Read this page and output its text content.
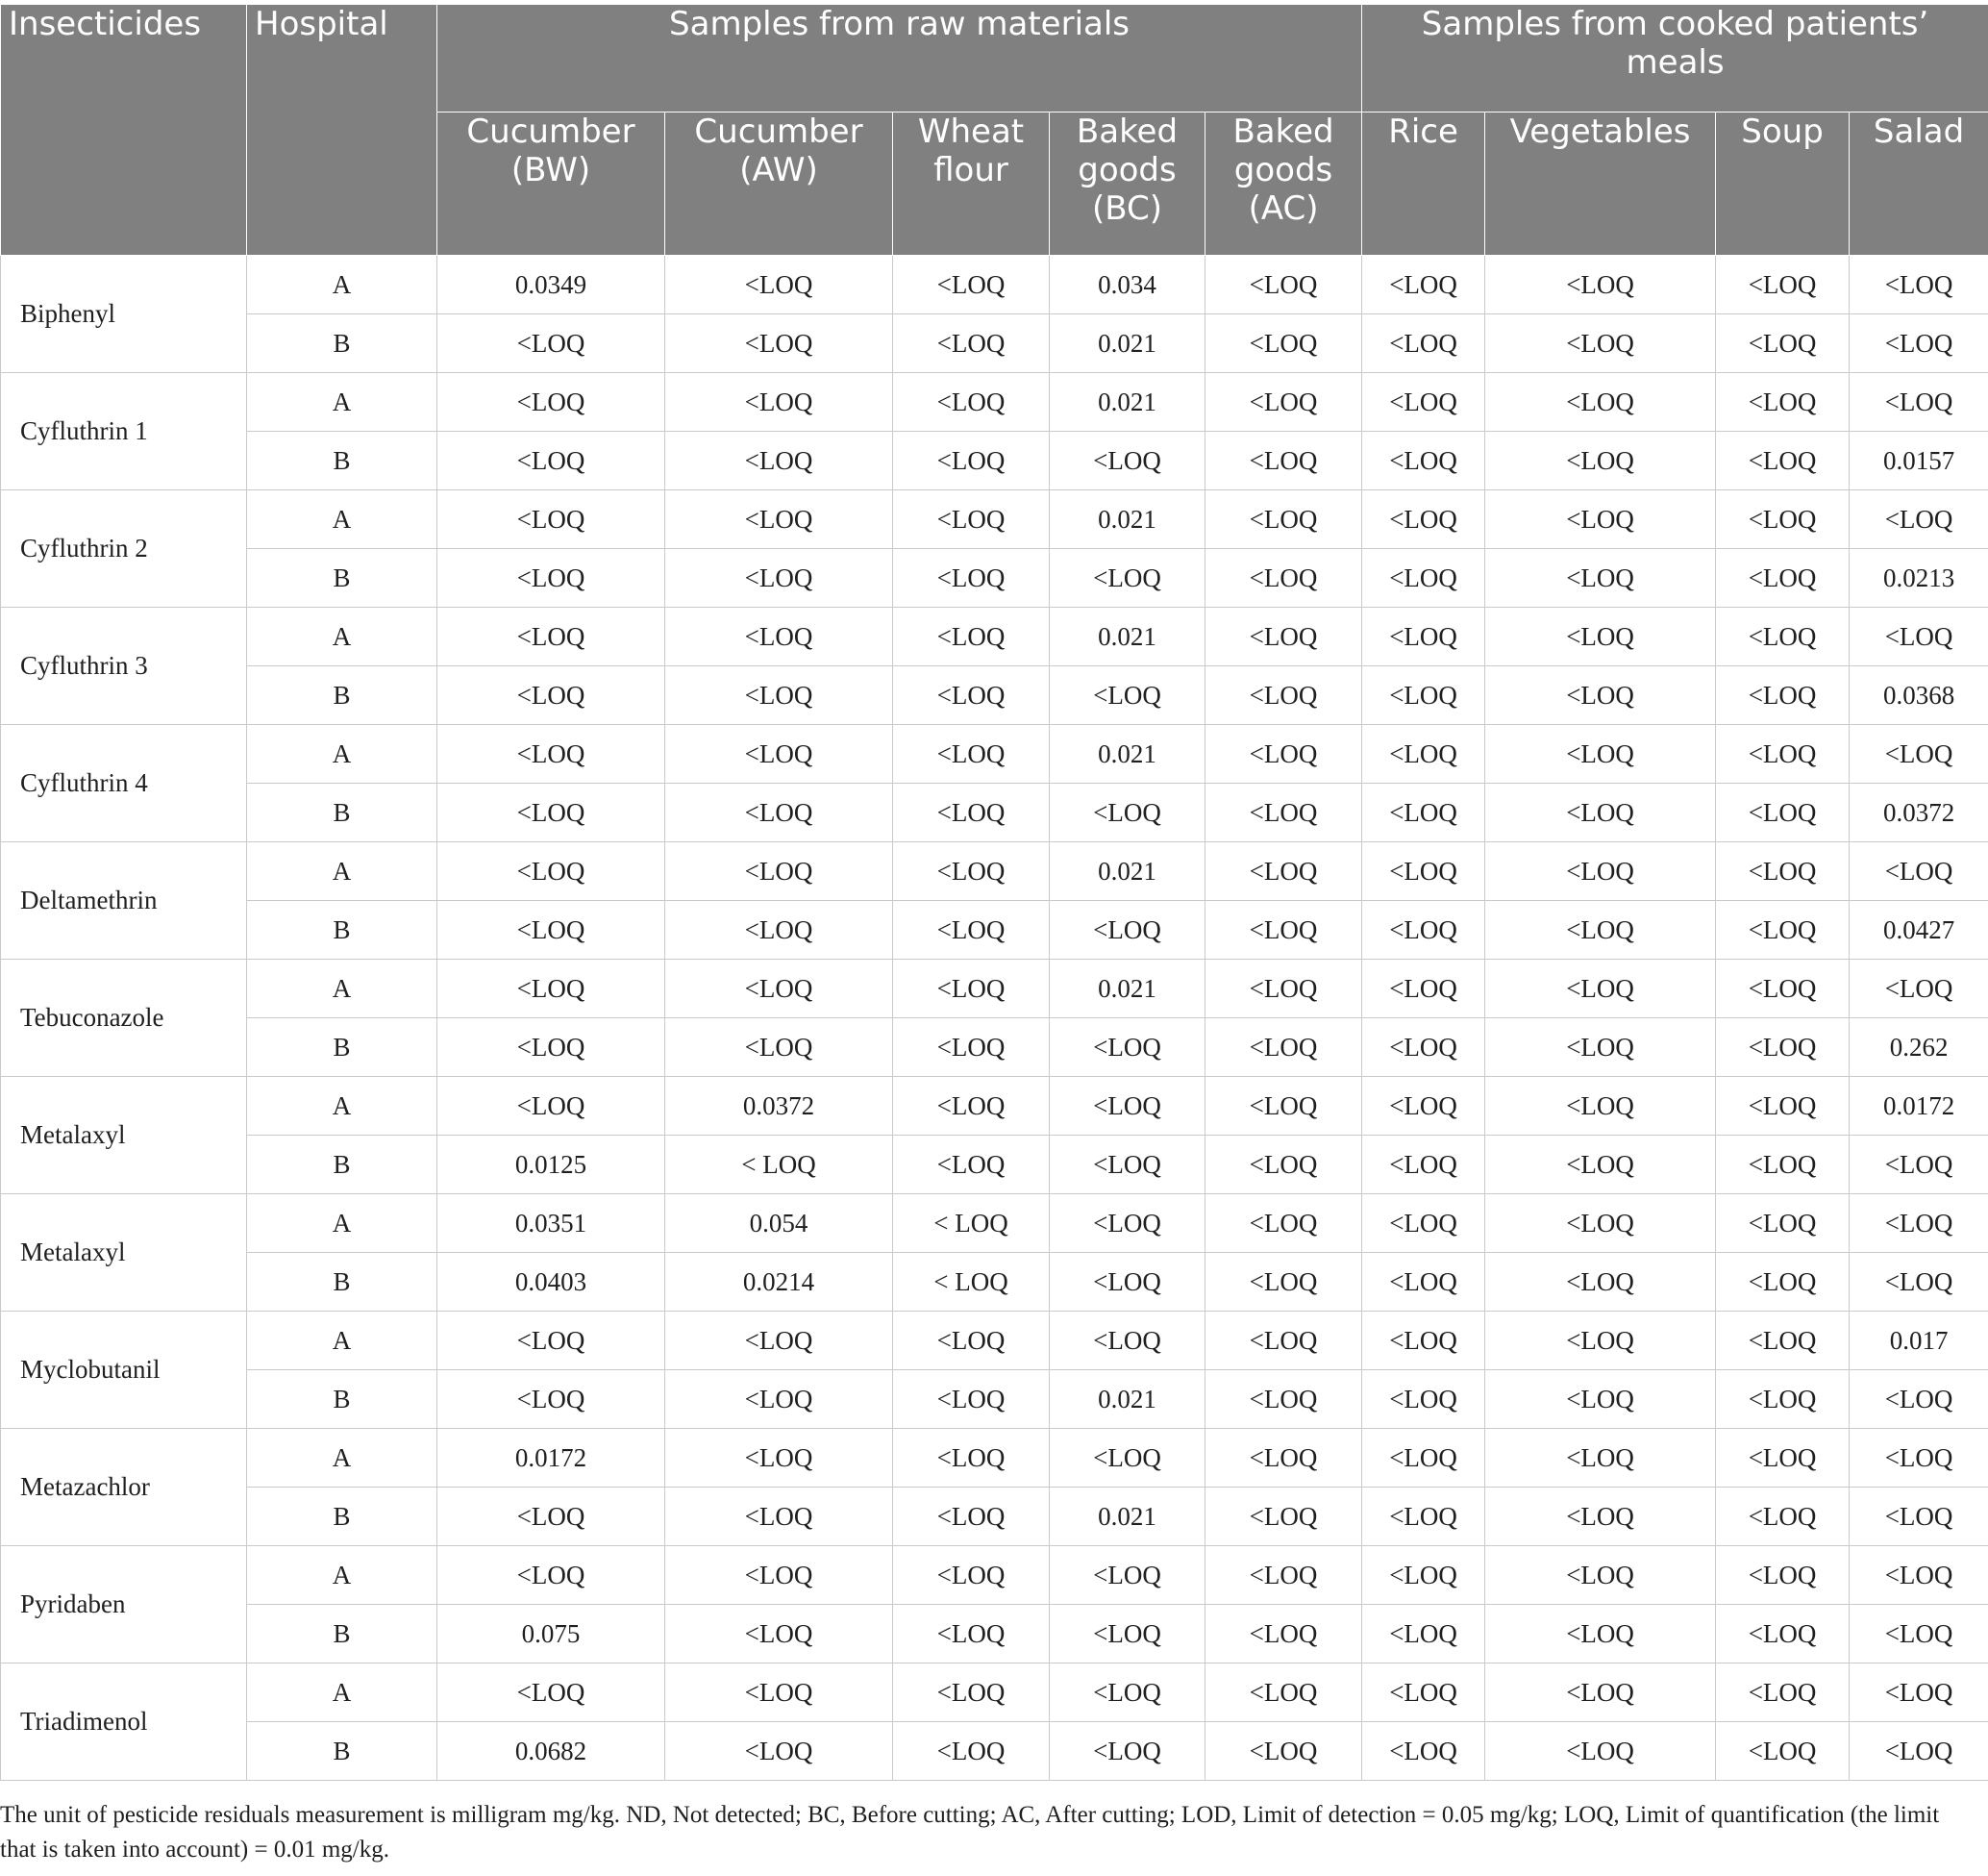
Insecticides	Hospital	Samples from raw materials					Samples from cooked patients’ meals			
		Cucumber (BW)	Cucumber (AW)	Wheat flour	Baked goods (BC)	Baked goods (AC)	Rice	Vegetables	Soup	Salad
Biphenyl	A	0.0349	<LOQ	<LOQ	0.034	<LOQ	<LOQ	<LOQ	<LOQ	<LOQ
	B	<LOQ	<LOQ	<LOQ	0.021	<LOQ	<LOQ	<LOQ	<LOQ	<LOQ
Cyfluthrin 1	A	<LOQ	<LOQ	<LOQ	0.021	<LOQ	<LOQ	<LOQ	<LOQ	<LOQ
	B	<LOQ	<LOQ	<LOQ	<LOQ	<LOQ	<LOQ	<LOQ	<LOQ	0.0157
Cyfluthrin 2	A	<LOQ	<LOQ	<LOQ	0.021	<LOQ	<LOQ	<LOQ	<LOQ	<LOQ
	B	<LOQ	<LOQ	<LOQ	<LOQ	<LOQ	<LOQ	<LOQ	<LOQ	0.0213
Cyfluthrin 3	A	<LOQ	<LOQ	<LOQ	0.021	<LOQ	<LOQ	<LOQ	<LOQ	<LOQ
	B	<LOQ	<LOQ	<LOQ	<LOQ	<LOQ	<LOQ	<LOQ	<LOQ	0.0368
Cyfluthrin 4	A	<LOQ	<LOQ	<LOQ	0.021	<LOQ	<LOQ	<LOQ	<LOQ	<LOQ
	B	<LOQ	<LOQ	<LOQ	<LOQ	<LOQ	<LOQ	<LOQ	<LOQ	0.0372
Deltamethrin	A	<LOQ	<LOQ	<LOQ	0.021	<LOQ	<LOQ	<LOQ	<LOQ	<LOQ
	B	<LOQ	<LOQ	<LOQ	<LOQ	<LOQ	<LOQ	<LOQ	<LOQ	0.0427
Tebuconazole	A	<LOQ	<LOQ	<LOQ	0.021	<LOQ	<LOQ	<LOQ	<LOQ	<LOQ
	B	<LOQ	<LOQ	<LOQ	<LOQ	<LOQ	<LOQ	<LOQ	<LOQ	0.262
Metalaxyl	A	<LOQ	0.0372	<LOQ	<LOQ	<LOQ	<LOQ	<LOQ	<LOQ	0.0172
	B	0.0125	< LOQ	<LOQ	<LOQ	<LOQ	<LOQ	<LOQ	<LOQ	<LOQ
Metalaxyl	A	0.0351	0.054	< LOQ	<LOQ	<LOQ	<LOQ	<LOQ	<LOQ	<LOQ
	B	0.0403	0.0214	< LOQ	<LOQ	<LOQ	<LOQ	<LOQ	<LOQ	<LOQ
Myclobutanil	A	<LOQ	<LOQ	<LOQ	<LOQ	<LOQ	<LOQ	<LOQ	<LOQ	0.017
	B	<LOQ	<LOQ	<LOQ	0.021	<LOQ	<LOQ	<LOQ	<LOQ	<LOQ
Metazachlor	A	0.0172	<LOQ	<LOQ	<LOQ	<LOQ	<LOQ	<LOQ	<LOQ	<LOQ
	B	<LOQ	<LOQ	<LOQ	0.021	<LOQ	<LOQ	<LOQ	<LOQ	<LOQ
Pyridaben	A	<LOQ	<LOQ	<LOQ	<LOQ	<LOQ	<LOQ	<LOQ	<LOQ	<LOQ
	B	0.075	<LOQ	<LOQ	<LOQ	<LOQ	<LOQ	<LOQ	<LOQ	<LOQ
Triadimenol	A	<LOQ	<LOQ	<LOQ	<LOQ	<LOQ	<LOQ	<LOQ	<LOQ	<LOQ
	B	0.0682	<LOQ	<LOQ	<LOQ	<LOQ	<LOQ	<LOQ	<LOQ	<LOQ
The unit of pesticide residuals measurement is milligram mg/kg. ND, Not detected; BC, Before cutting; AC, After cutting; LOD, Limit of detection = 0.05 mg/kg; LOQ, Limit of quantification (the limit that is taken into account) = 0.01 mg/kg.
